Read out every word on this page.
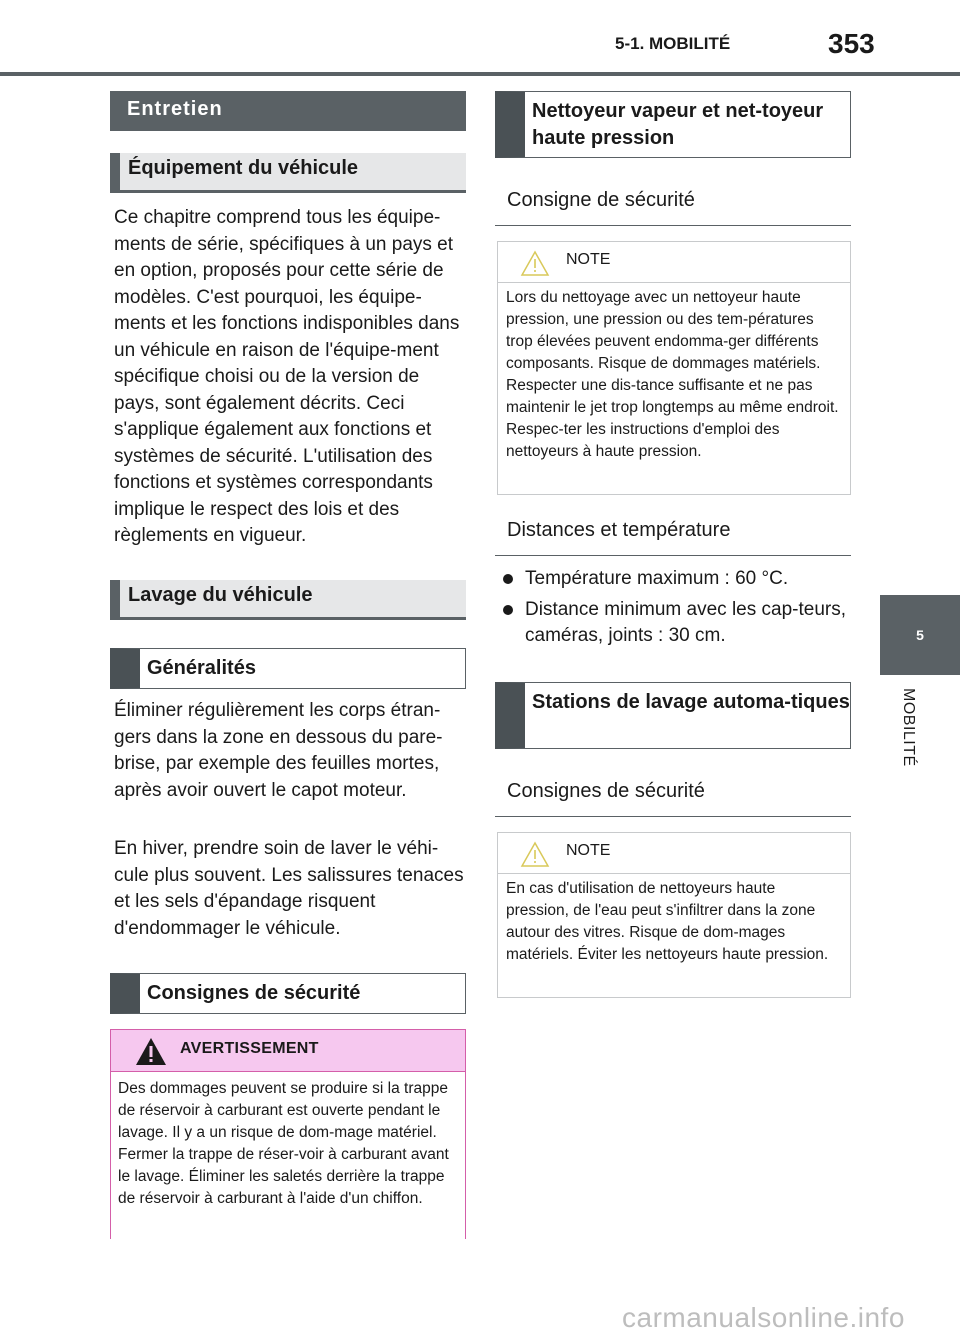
5-1. MOBILITÉ	353
5
MOBILITÉ
Entretien
Équipement du véhicule
Ce chapitre comprend tous les équipe-ments de série, spécifiques à un pays et en option, proposés pour cette série de modèles. C'est pourquoi, les équipe-ments et les fonctions indisponibles dans un véhicule en raison de l'équipe-ment spécifique choisi ou de la version de pays, sont également décrits. Ceci s'applique également aux fonctions et systèmes de sécurité. L'utilisation des fonctions et systèmes correspondants implique le respect des lois et des règlements en vigueur.
Lavage du véhicule
Généralités
Éliminer régulièrement les corps étran-gers dans la zone en dessous du pare-brise, par exemple des feuilles mortes, après avoir ouvert le capot moteur.
En hiver, prendre soin de laver le véhi-cule plus souvent. Les salissures tenaces et les sels d'épandage risquent d'endommager le véhicule.
Consignes de sécurité
AVERTISSEMENT
Des dommages peuvent se produire si la trappe de réservoir à carburant est ouverte pendant le lavage. Il y a un risque de dom-mage matériel. Fermer la trappe de réser-voir à carburant avant le lavage. Éliminer les saletés derrière la trappe de réservoir à carburant à l'aide d'un chiffon.
Nettoyeur vapeur et net-toyeur haute pression
Consigne de sécurité
NOTE
Lors du nettoyage avec un nettoyeur haute pression, une pression ou des tem-pératures trop élevées peuvent endomma-ger différents composants. Risque de dommages matériels. Respecter une dis-tance suffisante et ne pas maintenir le jet trop longtemps au même endroit. Respec-ter les instructions d'emploi des nettoyeurs à haute pression.
Distances et température
Température maximum : 60 °C.
Distance minimum avec les cap-teurs, caméras, joints : 30 cm.
Stations de lavage automa-tiques
Consignes de sécurité
NOTE
En cas d'utilisation de nettoyeurs haute pression, de l'eau peut s'infiltrer dans la zone autour des vitres. Risque de dom-mages matériels. Éviter les nettoyeurs haute pression.
carmanualsonline.info
